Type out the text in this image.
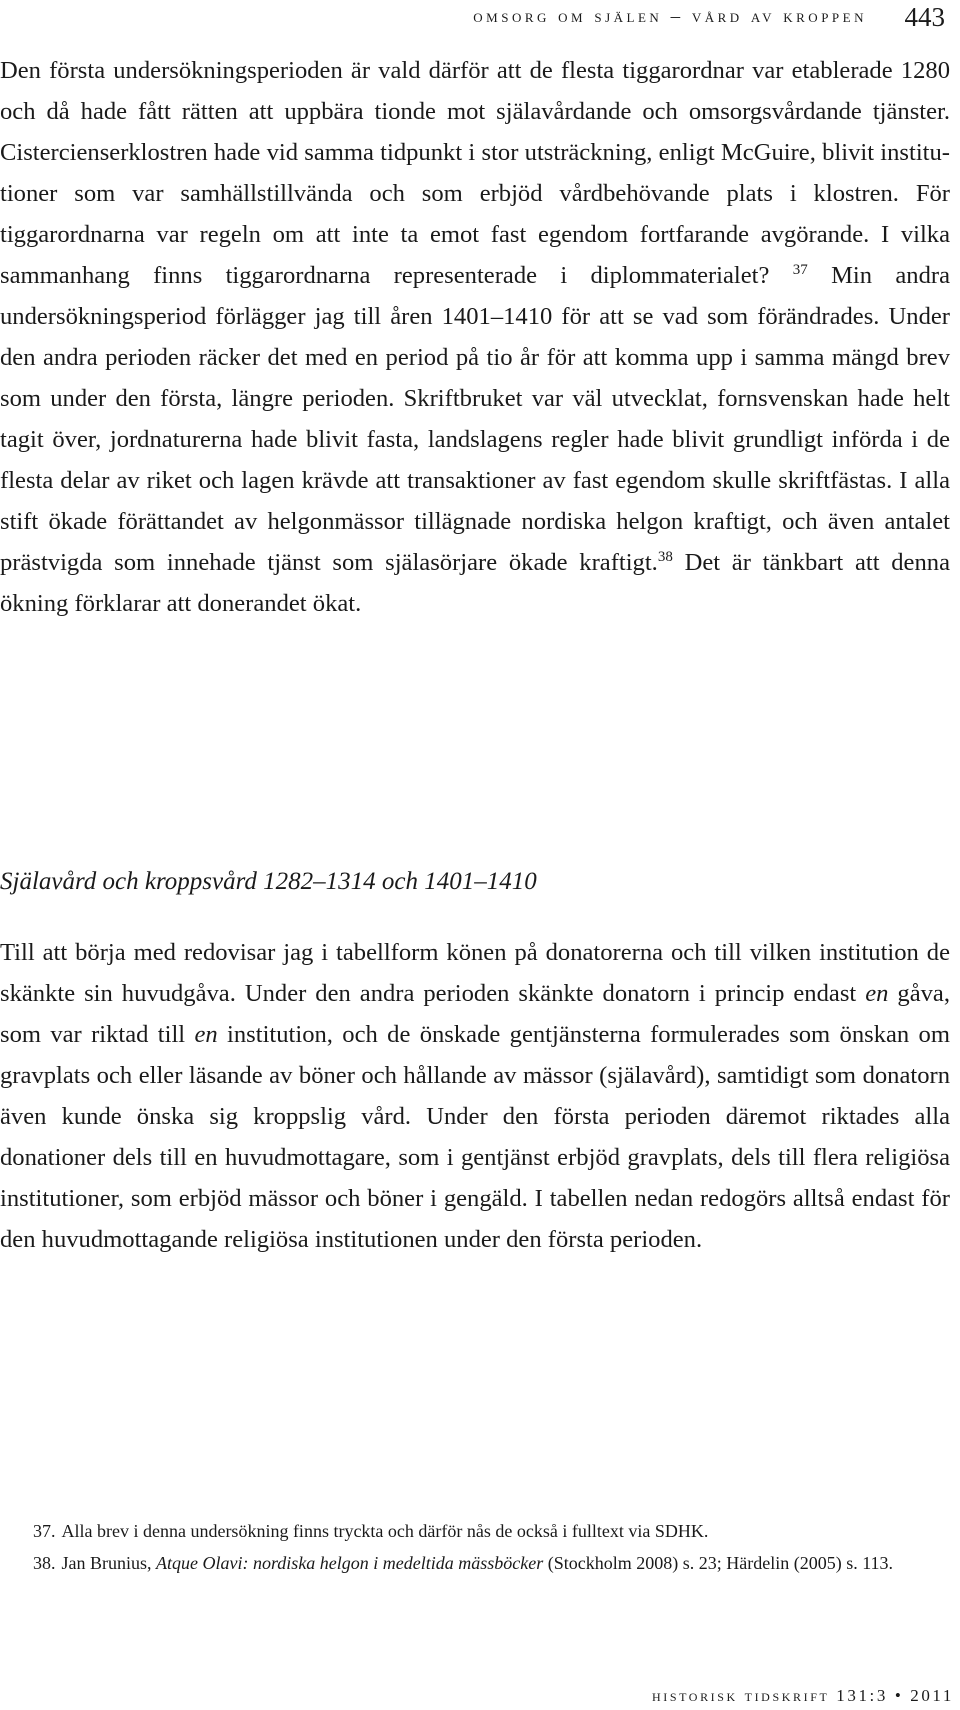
omsorg om själen – vård av kroppen 443

Den första undersökningsperioden är vald därför att de flesta tiggarordnar var etablerade 1280 och då hade fått rätten att uppbära tionde mot själavårdande och omsorgsvårdande tjänster. Cistercienserklostren hade vid samma tidpunkt i stor utsträckning, enligt McGuire, blivit institutioner som var samhällstillvända och som erbjöd vårdbehövande plats i klostren. För tiggarordnarna var regeln om att inte ta emot fast egendom fortfarande avgörande. I vilka sammanhang finns tiggarordnarna representerade i diplommaterialet? $^{37}$ Min andra undersökningsperiod förlägger jag till åren 1401–1410 för att se vad som förändrades. Under den andra perioden räcker det med en period på tio år för att komma upp i samma mängd brev som under den första, längre perioden. Skriftbruket var väl utvecklat, fornsvenskan hade helt tagit över, jordnaturerna hade blivit fasta, landslagens regler hade blivit grundligt införda i de flesta delar av riket och lagen krävde att transaktioner av fast egendom skulle skriftfästas. I alla stift ökade förättandet av helgonmässor tillägnade nordiska helgon kraftigt, och även antalet prästvigda som innehade tjänst som själasörjare ökade kraftigt.$^{38}$ Det är tänkbart att denna ökning förklarar att donerandet ökat.

Själavård och kroppsvård 1282–1314 och 1401–1410

Till att börja med redovisar jag i tabellform könen på donatorerna och till vilken institution de skänkte sin huvudgåva. Under den andra perioden skänkte donatorn i princip endast en gåva, som var riktad till en institution, och de önskade gentjänsterna formulerades som önskan om gravplats och eller läsande av böner och hållande av mässor (själavård), samtidigt som donatorn även kunde önska sig kroppslig vård. Under den första perioden däremot riktades alla donationer dels till en huvudmottagare, som i gentjänst erbjöd gravplats, dels till flera religiösa institutioner, som erbjöd mässor och böner i gengäld. I tabellen nedan redogörs alltså endast för den huvudmottagande religiösa institutionen under den första perioden.

37. Alla brev i denna undersökning finns tryckta och därför nås de också i fulltext via SDHK.

38. Jan Brunius, Atque Olavi: nordiska helgon i medeltida mässböcker (Stockholm 2008) s. 23; Härdelin (2005) s. 113.

historisk tidskrift 131:3 • 2011
